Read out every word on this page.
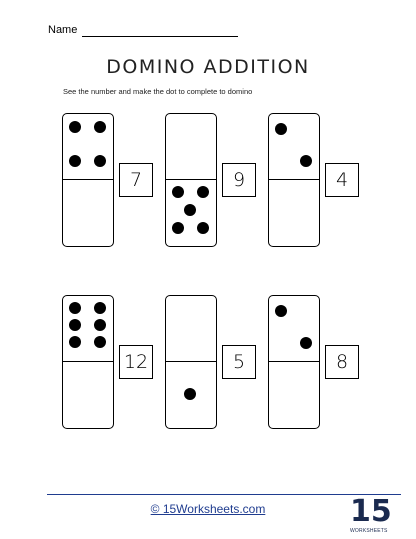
Name
DOMINO ADDITION
See the number and make the dot to complete to domino
7	9	4
12	5	8
© 15Worksheets.com	15
WORKSHEETS
